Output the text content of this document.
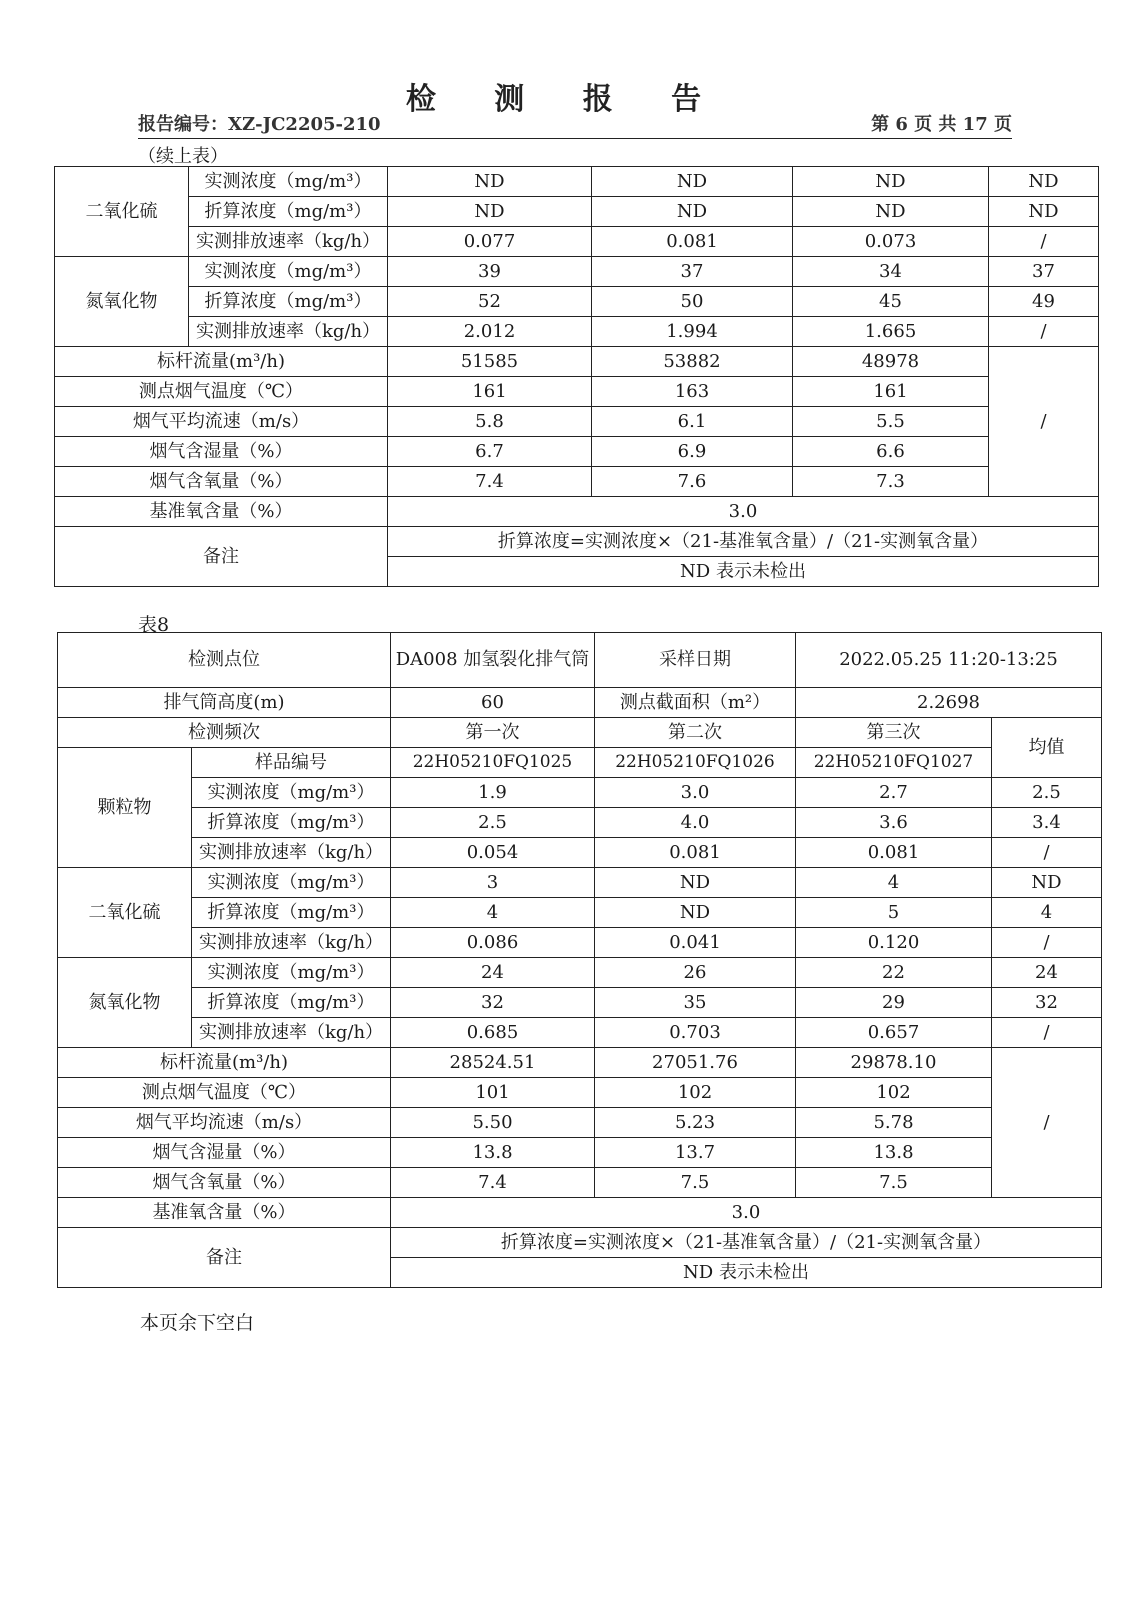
检 测 报 告
报告编号：XZ-JC2205-210	第 6 页 共 17 页
（续上表）
二氧化硫	实测浓度（mg/m³）	ND	ND	ND	ND
	折算浓度（mg/m³）	ND	ND	ND	ND
	实测排放速率（kg/h）	0.077	0.081	0.073	/
氮氧化物	实测浓度（mg/m³）	39	37	34	37
	折算浓度（mg/m³）	52	50	45	49
	实测排放速率（kg/h）	2.012	1.994	1.665	/
标杆流量(m³/h)		51585	53882	48978	/
测点烟气温度（℃）		161	163	161	
烟气平均流速（m/s）		5.8	6.1	5.5	
烟气含湿量（%）		6.7	6.9	6.6	
烟气含氧量（%）		7.4	7.6	7.3	
基准氧含量（%）		3.0			
备注		折算浓度=实测浓度×（21-基准氧含量）/（21-实测氧含量）			
		ND 表示未检出			
表8
检测点位		DA008 加氢裂化排气筒	采样日期	2022.05.25 11:20-13:25	
排气筒高度(m)		60	测点截面积（m²）	2.2698	
检测频次		第一次	第二次	第三次	均值
颗粒物	样品编号	22H05210FQ1025	22H05210FQ1026	22H05210FQ1027	
	实测浓度（mg/m³）	1.9	3.0	2.7	2.5
	折算浓度（mg/m³）	2.5	4.0	3.6	3.4
	实测排放速率（kg/h）	0.054	0.081	0.081	/
二氧化硫	实测浓度（mg/m³）	3	ND	4	ND
	折算浓度（mg/m³）	4	ND	5	4
	实测排放速率（kg/h）	0.086	0.041	0.120	/
氮氧化物	实测浓度（mg/m³）	24	26	22	24
	折算浓度（mg/m³）	32	35	29	32
	实测排放速率（kg/h）	0.685	0.703	0.657	/
标杆流量(m³/h)		28524.51	27051.76	29878.10	/
测点烟气温度（℃）		101	102	102	
烟气平均流速（m/s）		5.50	5.23	5.78	
烟气含湿量（%）		13.8	13.7	13.8	
烟气含氧量（%）		7.4	7.5	7.5	
基准氧含量（%）		3.0			
备注		折算浓度=实测浓度×（21-基准氧含量）/（21-实测氧含量）			
		ND 表示未检出			
本页余下空白
